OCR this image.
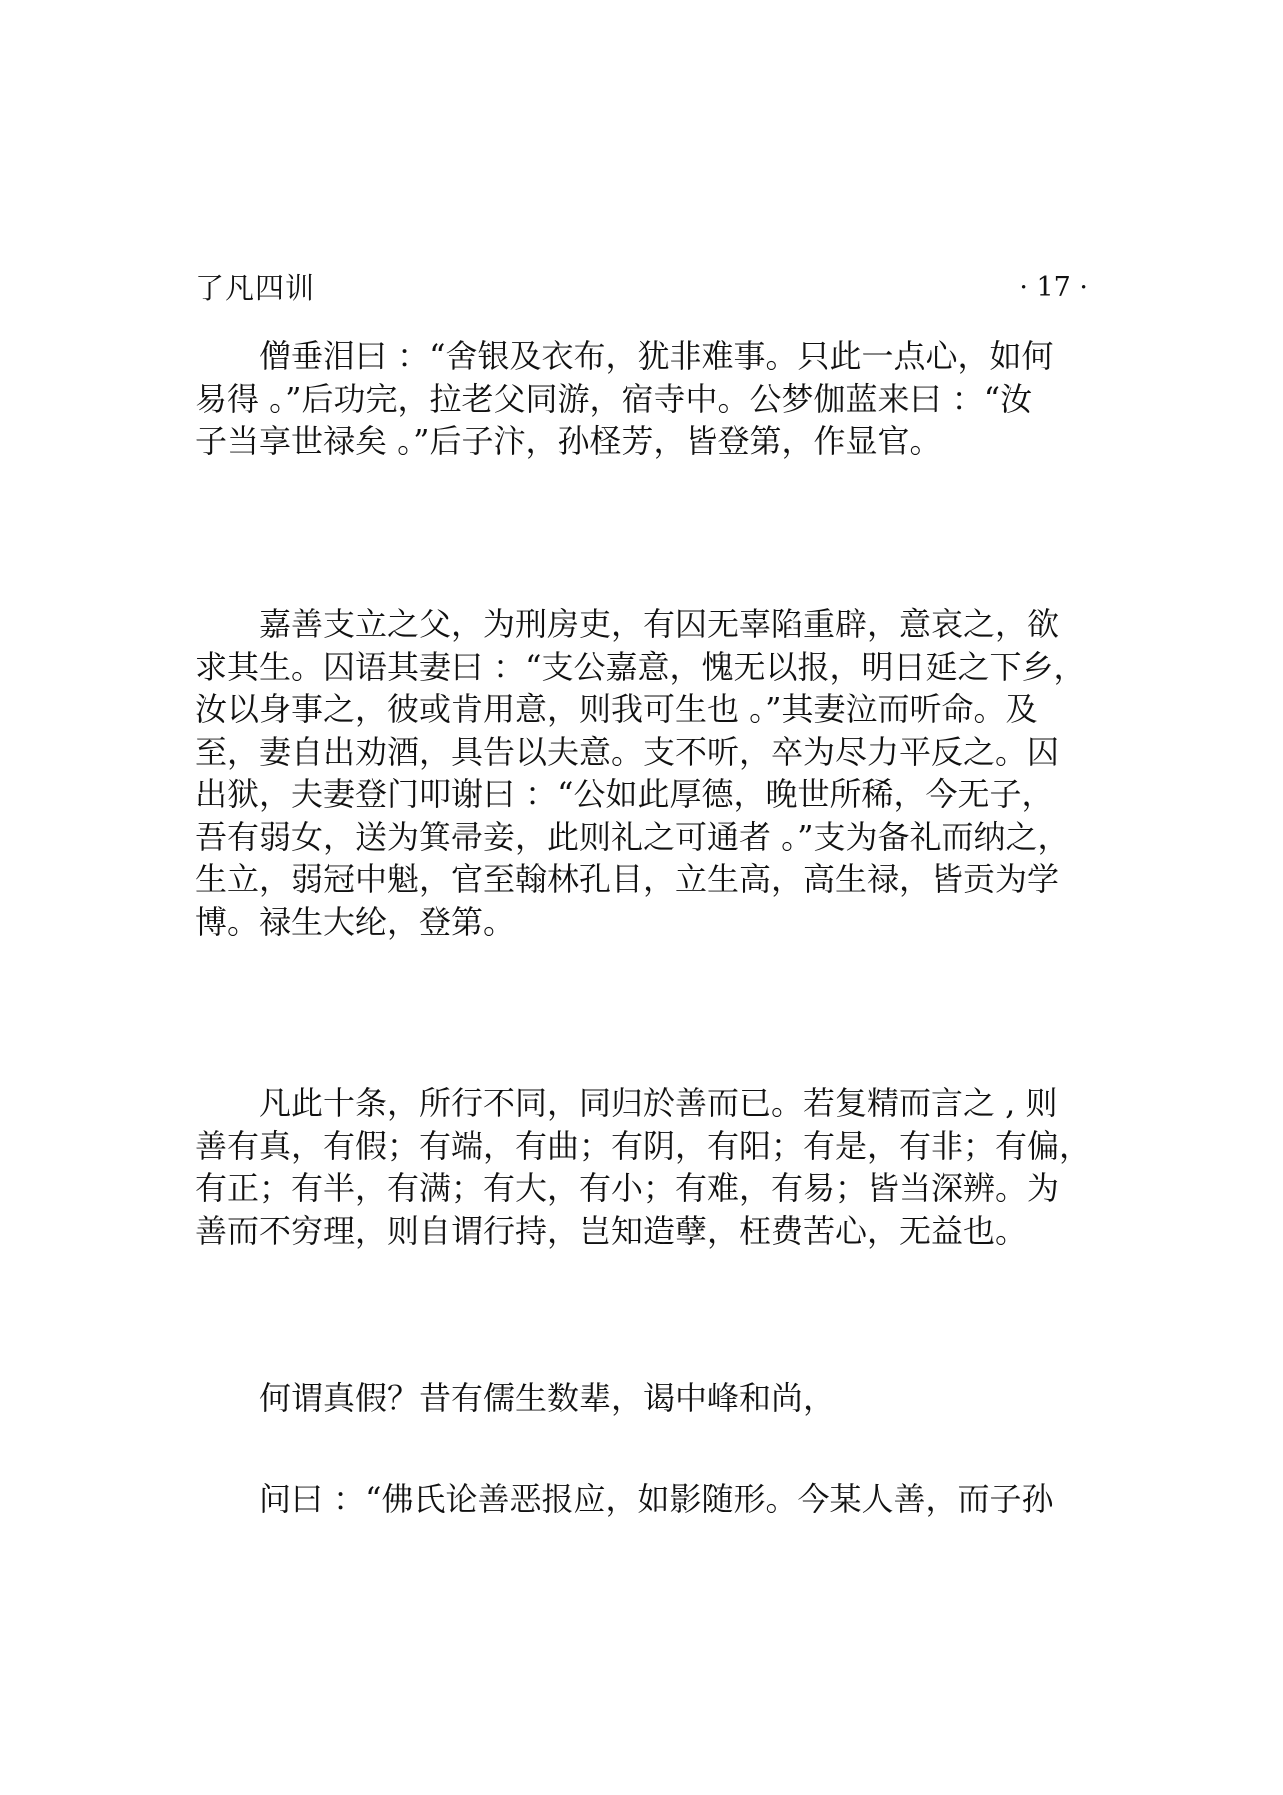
了凡四训	· 17 ·

僧垂泪曰 ：“舍银及衣布，犹非难事。只此一点心，如何
易得 。”后功完，拉老父同游，宿寺中。公梦伽蓝来曰 ：“汝
子当享世禄矣 。”后子汴，孙柽芳，皆登第，作显官。

嘉善支立之父，为刑房吏，有囚无辜陷重辟，意哀之，欲
求其生。囚语其妻曰 ：“支公嘉意，愧无以报，明日延之下乡，
汝以身事之，彼或肯用意，则我可生也 。”其妻泣而听命。及
至，妻自出劝酒，具告以夫意。支不听，卒为尽力平反之。囚
出狱，夫妻登门叩谢曰 ：“公如此厚德，晚世所稀，今无子，
吾有弱女，送为箕帚妾，此则礼之可通者 。”支为备礼而纳之，
生立，弱冠中魁，官至翰林孔目，立生高，高生禄，皆贡为学
博。禄生大纶，登第。

凡此十条，所行不同，同归於善而已。若复精而言之 , 则
善有真，有假；有端，有曲；有阴，有阳；有是，有非；有偏，
有正；有半，有满；有大，有小；有难，有易；皆当深辨。为
善而不穷理，则自谓行持，岂知造孽，枉费苦心，无益也。

何谓真假？昔有儒生数辈，谒中峰和尚，

问曰 ：“佛氏论善恶报应，如影随形。今某人善，而子孙
